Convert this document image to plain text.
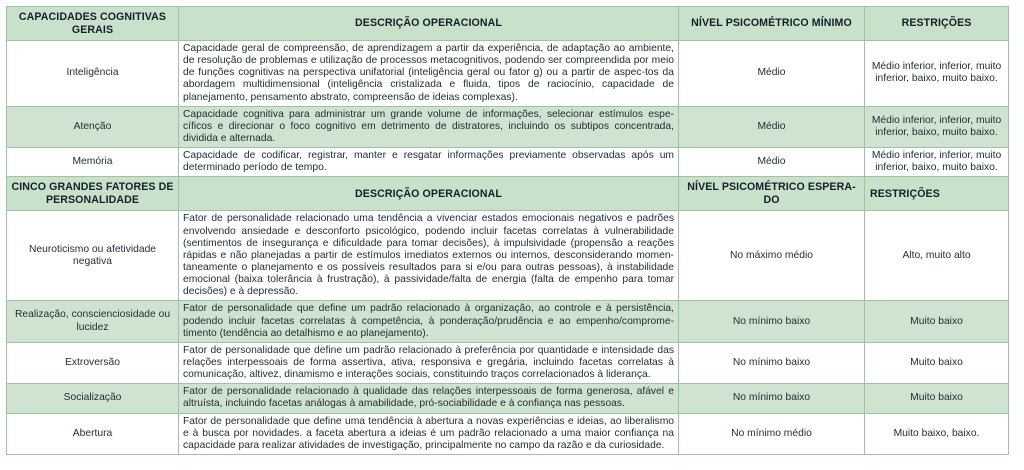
CAPACIDADES COGNITIVAS GERAIS	DESCRIÇÃO OPERACIONAL	NÍVEL PSICOMÉTRICO MÍNIMO	RESTRIÇÕES
Inteligência	Capacidade geral de compreensão, de aprendizagem a partir da experiência, de adaptação ao ambiente, de resolução de problemas e utilização de processos metacognitivos, podendo ser compreendida por meio de funções cognitivas na perspectiva unifatorial (inteligência geral ou fator g) ou a partir de aspec-tos da abordagem multidimensional (inteligência cristalizada e fluida, tipos de raciocínio, capacidade de planejamento, pensamento abstrato, compreensão de ideias complexas).	Médio	Médio inferior, inferior, muito inferior, baixo, muito baixo.
Atenção	Capacidade cognitiva para administrar um grande volume de informações, selecionar estímulos espe-cíficos e direcionar o foco cognitivo em detrimento de distratores, incluindo os subtipos concentrada, dividida e alternada.	Médio	Médio inferior, inferior, muito inferior, baixo, muito baixo.
Memória	Capacidade de codificar, registrar, manter e resgatar informações previamente observadas após um determinado período de tempo.	Médio	Médio inferior, inferior, muito inferior, baixo, muito baixo.
CINCO GRANDES FATORES DE PERSONALIDADE	DESCRIÇÃO OPERACIONAL	NÍVEL PSICOMÉTRICO ESPERA-DO	RESTRIÇÕES
Neuroticismo ou afetividade negativa	Fator de personalidade relacionado uma tendência a vivenciar estados emocionais negativos e padrões envolvendo ansiedade e desconforto psicológico, podendo incluir facetas correlatas à vulnerabilidade (sentimentos de insegurança e dificuldade para tomar decisões), à impulsividade (propensão a reações rápidas e não planejadas a partir de estímulos imediatos externos ou internos, desconsiderando momen-taneamente o planejamento e os possíveis resultados para si e/ou para outras pessoas), à instabilidade emocional (baixa tolerância à frustração), à passividade/falta de energia (falta de empenho para tomar decisões) e à depressão.	No máximo médio	Alto, muito alto
Realização, conscienciosidade ou lucidez	Fator de personalidade que define um padrão relacionado à organização, ao controle e à persistência, podendo incluir facetas correlatas à competência, à ponderação/prudência e ao empenho/comprome-timento (tendência ao detalhismo e ao planejamento).	No mínimo baixo	Muito baixo
Extroversão	Fator de personalidade que define um padrão relacionado à preferência por quantidade e intensidade das relações interpessoais de forma assertiva, ativa, responsiva e gregária, incluindo facetas correlatas à comunicação, altivez, dinamismo e interações sociais, constituindo traços correlacionados à liderança.	No mínimo baixo	Muito baixo
Socialização	Fator de personalidade relacionado à qualidade das relações interpessoais de forma generosa, afável e altruísta, incluindo facetas análogas à amabilidade, pró-sociabilidade e à confiança nas pessoas.	No mínimo baixo	Muito baixo
Abertura	Fator de personalidade que define uma tendência à abertura a novas experiências e ideias, ao liberalismo e à busca por novidades. a faceta abertura a ideias é um padrão relacionado a uma maior confiança na capacidade para realizar atividades de investigação, principalmente no campo da razão e da curiosidade.	No mínimo médio	Muito baixo, baixo.
